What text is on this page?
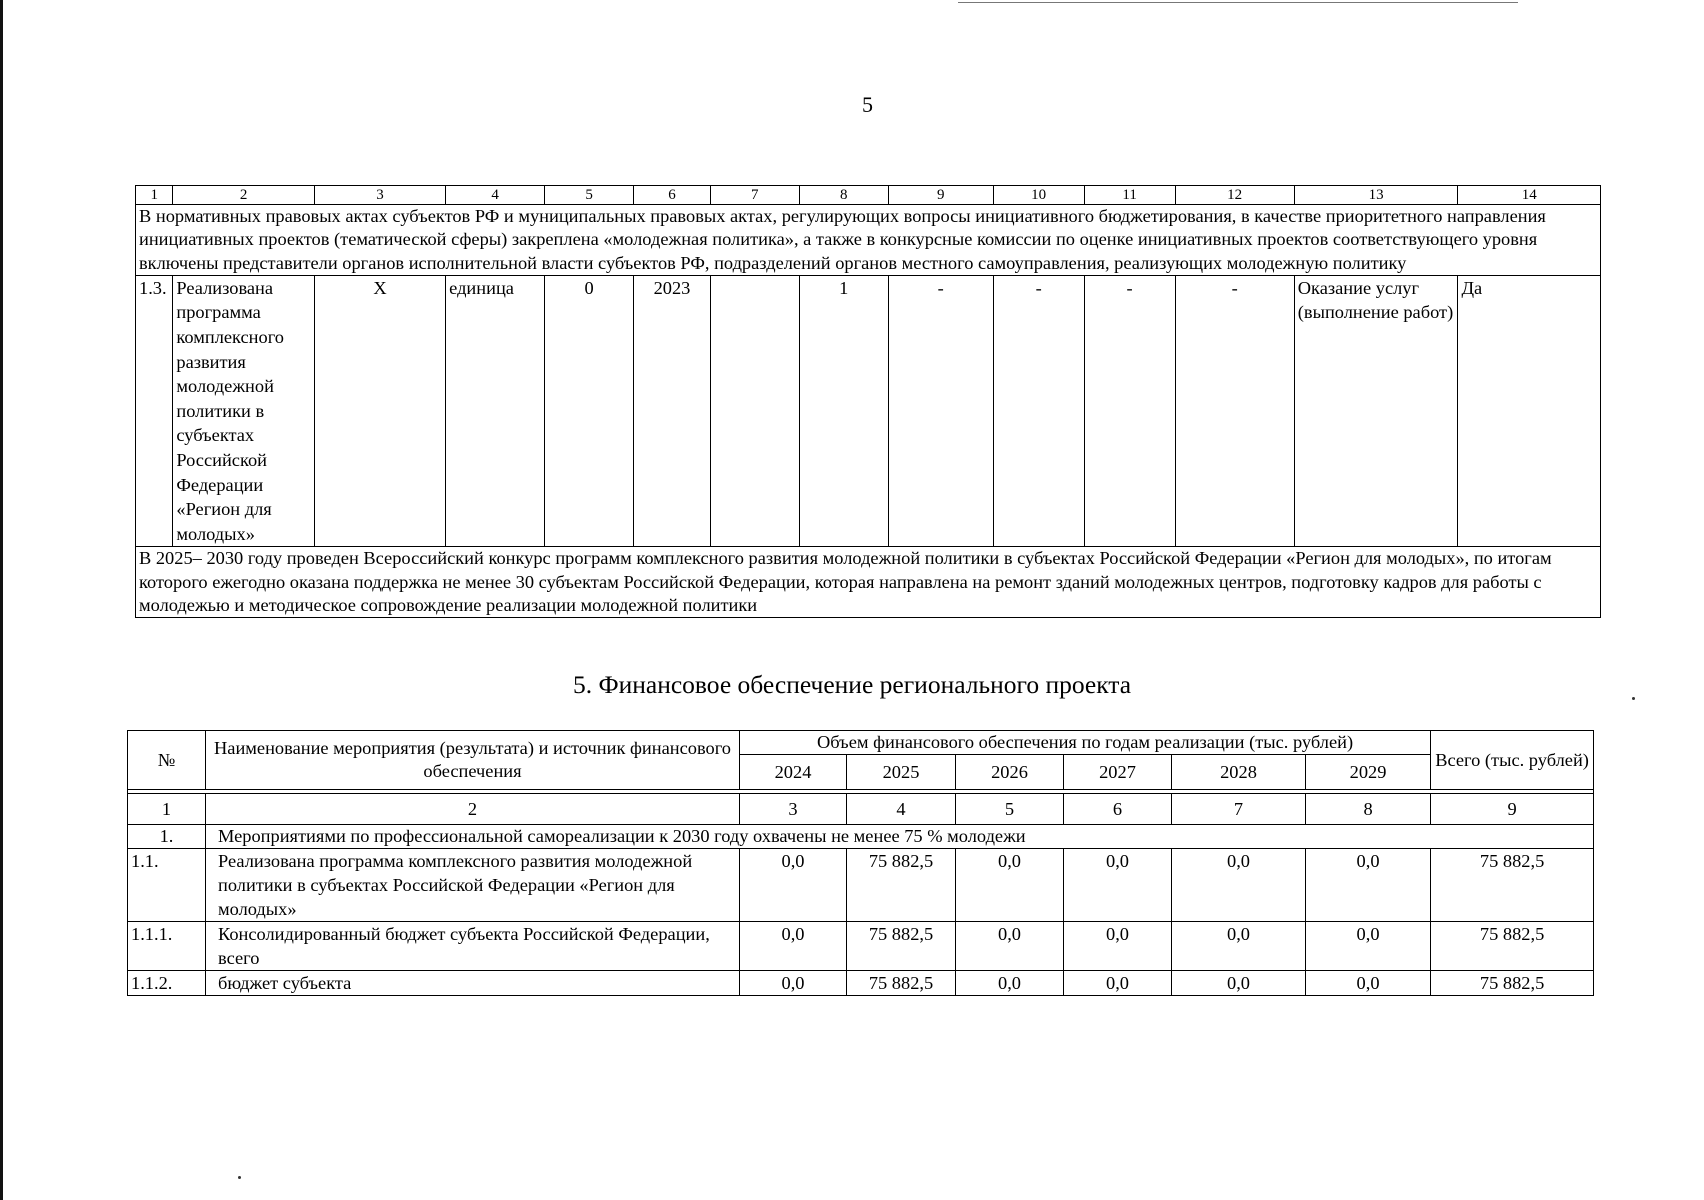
5
1	2	3	4	5	6	7	8	9	10	11	12	13	14
В нормативных правовых актах субъектов РФ и муниципальных правовых актах, регулирующих вопросы инициативного бюджетирования, в качестве приоритетного направления инициативных проектов (тематической сферы) закреплена «молодежная политика», а также в конкурсные комиссии по оценке инициативных проектов соответствующего уровня включены представители органов исполнительной власти субъектов РФ, подразделений органов местного самоуправления, реализующих молодежную политику													
1.3.	Реализована программа комплексного развития молодежной политики в субъектах Российской Федерации «Регион для молодых»	X	единица	0	2023		1	-	-	-	-	Оказание услуг (выполнение работ)	Да
В 2025– 2030 году проведен Всероссийский конкурс программ комплексного развития молодежной политики в субъектах Российской Федерации «Регион для молодых», по итогам которого ежегодно оказана поддержка не менее 30 субъектам Российской Федерации, которая направлена на ремонт зданий молодежных центров, подготовку кадров для работы с молодежью и методическое сопровождение реализации молодежной политики													
5. Финансовое обеспечение регионального проекта
№	Наименование мероприятия (результата) и источник финансового обеспечения	Объем финансового обеспечения по годам реализации (тыс. рублей)						Всего (тыс. рублей)
		2024	2025	2026	2027	2028	2029	

1	2	3	4	5	6	7	8	9
1.	Мероприятиями по профессиональной самореализации к 2030 году охвачены не менее 75 % молодежи							
1.1.	Реализована программа комплексного развития молодежной политики в субъектах Российской Федерации «Регион для молодых»	0,0	75 882,5	0,0	0,0	0,0	0,0	75 882,5
1.1.1.	Консолидированный бюджет субъекта Российской Федерации, всего	0,0	75 882,5	0,0	0,0	0,0	0,0	75 882,5
1.1.2.	бюджет субъекта	0,0	75 882,5	0,0	0,0	0,0	0,0	75 882,5
